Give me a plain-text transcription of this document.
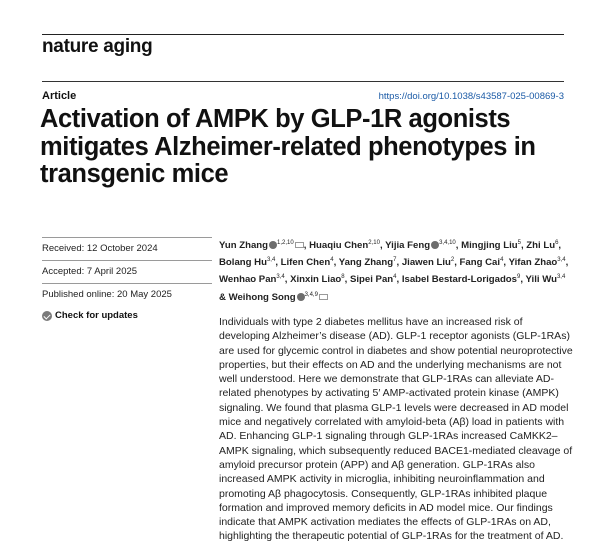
nature aging
Article	https://doi.org/10.1038/s43587-025-00869-3
Activation of AMPK by GLP-1R agonists
mitigates Alzheimer-related phenotypes in
transgenic mice
Received: 12 October 2024
Accepted: 7 April 2025
Published online: 20 May 2025
Check for updates
Yun Zhang $^{1,2,10}$ , Huaqiu Chen$^{2,10}$, Yijia Feng $^{3,4,10}$, Mingjing Liu$^5$, Zhi Lu$^6$, Bolang Hu$^{3,4}$, Lifen Chen$^4$, Yang Zhang$^7$, Jiawen Liu$^2$, Fang Cai$^4$, Yifan Zhao$^{3,4}$, Wenhao Pan$^{3,4}$, Xinxin Liao$^8$, Sipei Pan$^4$, Isabel Bestard-Lorigados$^9$, Yili Wu$^{3,4}$ & Weihong Song $^{3,4,9}$

Individuals with type 2 diabetes mellitus have an increased risk of developing Alzheimer’s disease (AD). GLP-1 receptor agonists (GLP-1RAs) are used for glycemic control in diabetes and show potential neuroprotective properties, but their effects on AD and the underlying mechanisms are not well understood. Here we demonstrate that GLP-1RAs can alleviate AD-related phenotypes by activating 5′ AMP-activated protein kinase (AMPK) signaling. We found that plasma GLP-1 levels were decreased in AD model mice and negatively correlated with amyloid-beta (Aβ) load in patients with AD. Enhancing GLP-1 signaling through GLP-1RAs increased CaMKK2–AMPK signaling, which subsequently reduced BACE1-mediated cleavage of amyloid precursor protein (APP) and Aβ generation. GLP-1RAs also increased AMPK activity in microglia, inhibiting neuroinflammation and promoting Aβ phagocytosis. Consequently, GLP-1RAs inhibited plaque formation and improved memory deficits in AD model mice. Our findings indicate that AMPK activation mediates the effects of GLP-1RAs on AD, highlighting the therapeutic potential of GLP-1RAs for the treatment of AD.
